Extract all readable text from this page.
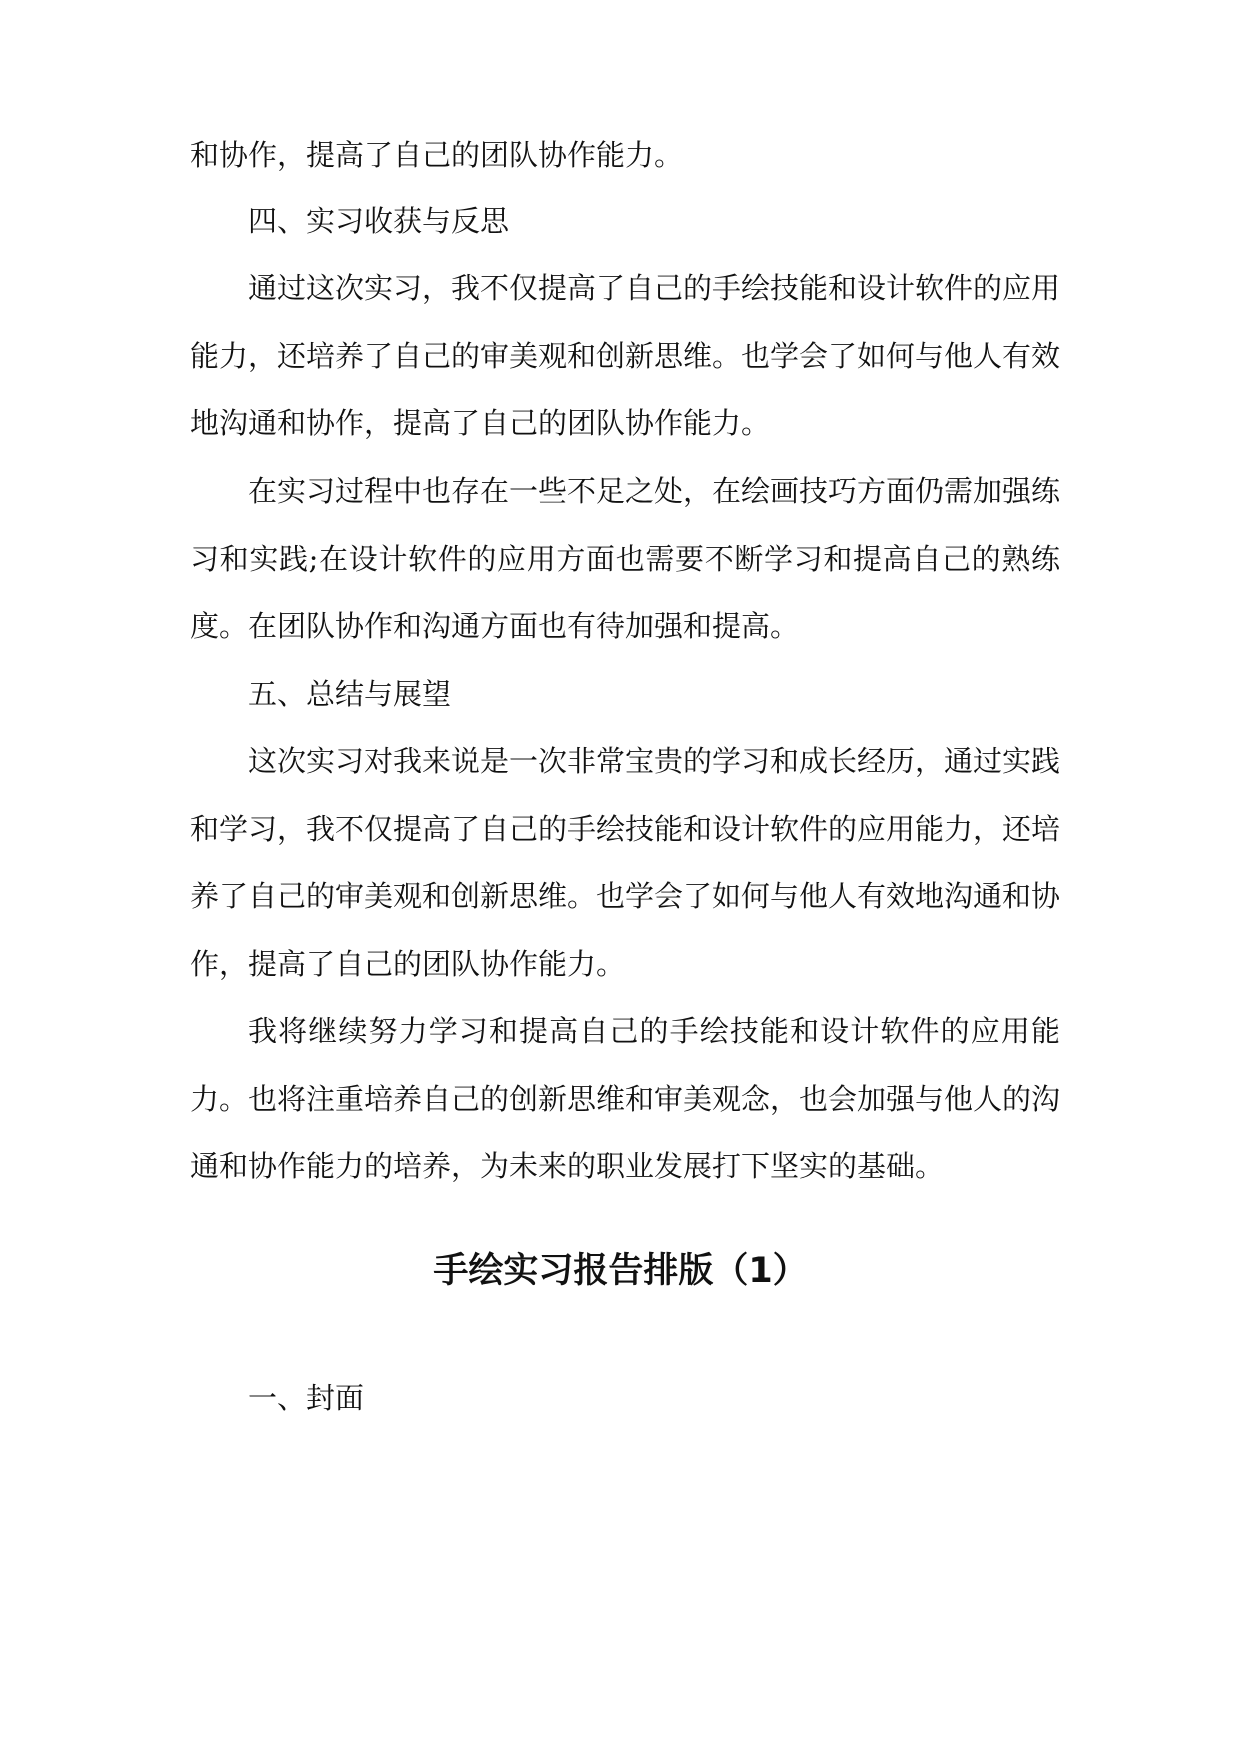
和协作，提高了自己的团队协作能力。
四、实习收获与反思
通过这次实习，我不仅提高了自己的手绘技能和设计软件的应用
能力，还培养了自己的审美观和创新思维。也学会了如何与他人有效
地沟通和协作，提高了自己的团队协作能力。
在实习过程中也存在一些不足之处，在绘画技巧方面仍需加强练
习和实践;在设计软件的应用方面也需要不断学习和提高自己的熟练
度。在团队协作和沟通方面也有待加强和提高。
五、总结与展望
这次实习对我来说是一次非常宝贵的学习和成长经历，通过实践
和学习，我不仅提高了自己的手绘技能和设计软件的应用能力，还培
养了自己的审美观和创新思维。也学会了如何与他人有效地沟通和协
作，提高了自己的团队协作能力。
我将继续努力学习和提高自己的手绘技能和设计软件的应用能
力。也将注重培养自己的创新思维和审美观念，也会加强与他人的沟
通和协作能力的培养，为未来的职业发展打下坚实的基础。
手绘实习报告排版（1）
一、封面
